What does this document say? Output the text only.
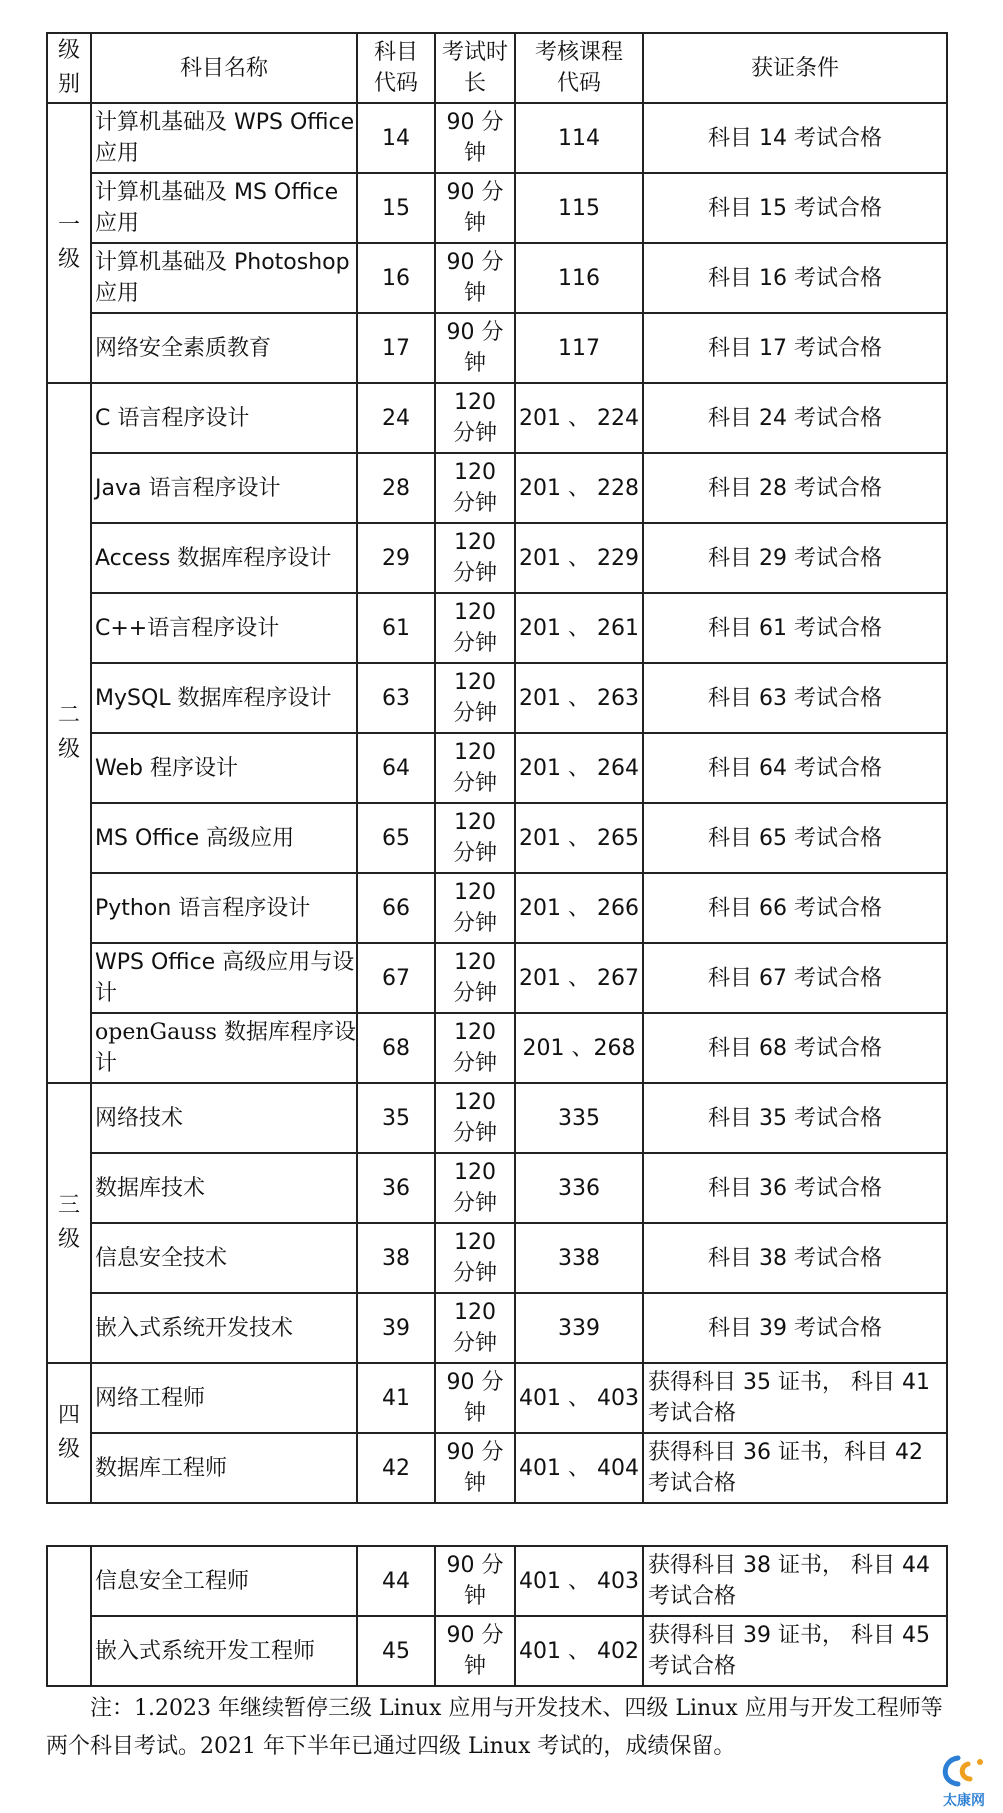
级别	科目名称	科目代码	考试时长	考核课程代码	获证条件
一级	计算机基础及 WPS Office 应用	14	90 分钟	114	科目 14 考试合格
	计算机基础及 MS Office 应用	15	90 分钟	115	科目 15 考试合格
	计算机基础及 Photoshop 应用	16	90 分钟	116	科目 16 考试合格
	网络安全素质教育	17	90 分钟	117	科目 17 考试合格
二级	C 语言程序设计	24	120 分钟	201 、 224	科目 24 考试合格
	Java 语言程序设计	28	120 分钟	201 、 228	科目 28 考试合格
	Access 数据库程序设计	29	120 分钟	201 、 229	科目 29 考试合格
	C++语言程序设计	61	120 分钟	201 、 261	科目 61 考试合格
	MySQL 数据库程序设计	63	120 分钟	201 、 263	科目 63 考试合格
	Web 程序设计	64	120 分钟	201 、 264	科目 64 考试合格
	MS Office 高级应用	65	120 分钟	201 、 265	科目 65 考试合格
	Python 语言程序设计	66	120 分钟	201 、 266	科目 66 考试合格
	WPS Office 高级应用与设计	67	120 分钟	201 、 267	科目 67 考试合格
	openGauss 数据库程序设计	68	120 分钟	201 、268	科目 68 考试合格
三级	网络技术	35	120 分钟	335	科目 35 考试合格
	数据库技术	36	120 分钟	336	科目 36 考试合格
	信息安全技术	38	120 分钟	338	科目 38 考试合格
	嵌入式系统开发技术	39	120 分钟	339	科目 39 考试合格
四级	网络工程师	41	90 分钟	401 、 403	获得科目 35 证书， 科目 41 考试合格
	数据库工程师	42	90 分钟	401 、 404	获得科目 36 证书，科目 42 考试合格
	信息安全工程师	44	90 分钟	401 、 403	获得科目 38 证书， 科目 44 考试合格
	嵌入式系统开发工程师	45	90 分钟	401 、 402	获得科目 39 证书， 科目 45 考试合格

注：1.2023 年继续暂停三级 Linux 应用与开发技术、四级 Linux 应用与开发工程师等两个科目考试。2021 年下半年已通过四级 Linux 考试的，成绩保留。

太康网
